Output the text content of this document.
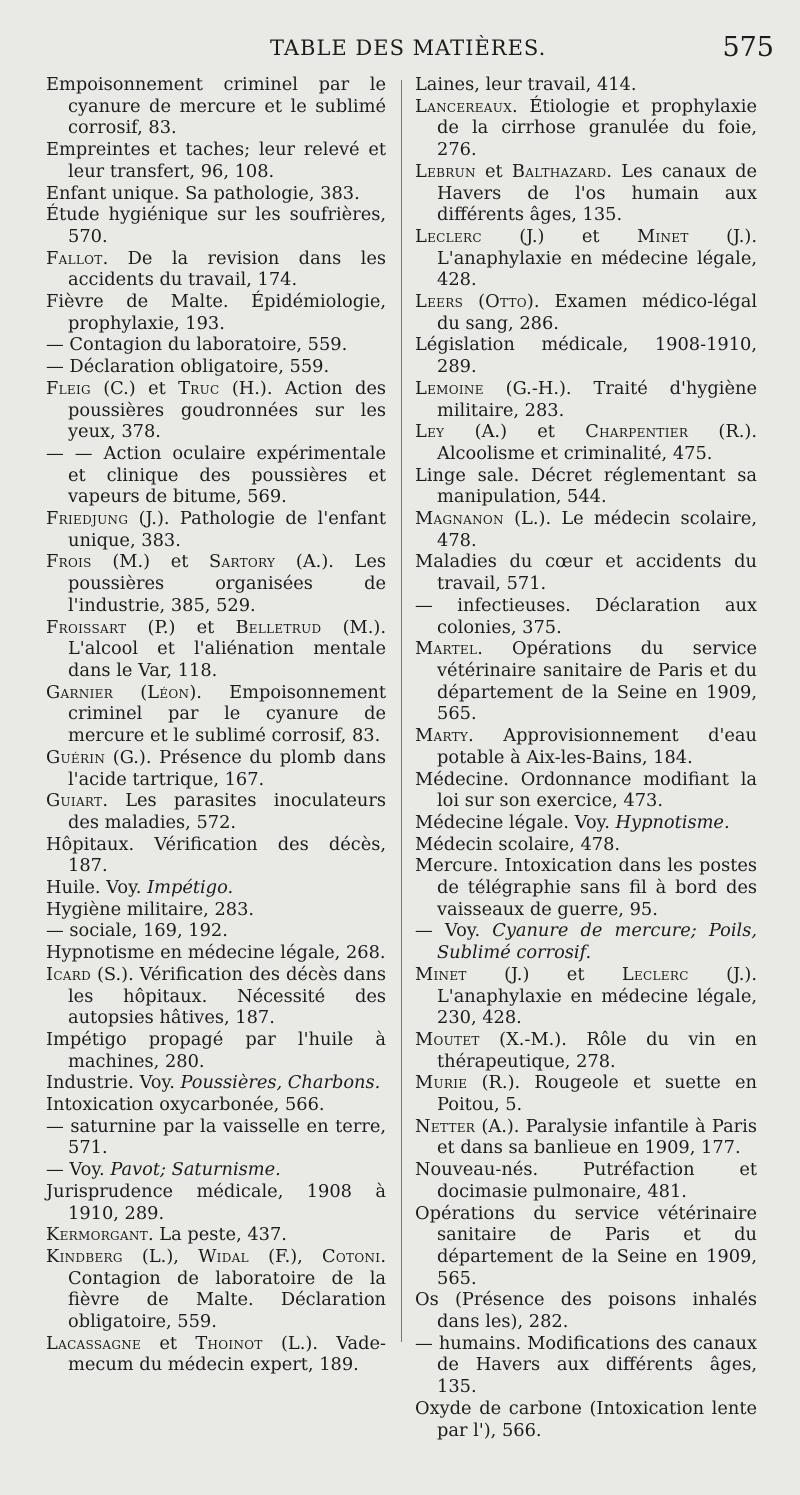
TABLE DES MATIÈRES.	575
Empoisonnement criminel par le cyanure de mercure et le sublimé corrosif, 83.
Empreintes et taches; leur relevé et leur transfert, 96, 108.
Enfant unique. Sa pathologie, 383.
Étude hygiénique sur les soufrières, 570.
Fallot. De la revision dans les accidents du travail, 174.
Fièvre de Malte. Épidémiologie, prophylaxie, 193.
— Contagion du laboratoire, 559.
— Déclaration obligatoire, 559.
Fleig (C.) et Truc (H.). Action des poussières goudronnées sur les yeux, 378.
— — Action oculaire expérimentale et clinique des poussières et vapeurs de bitume, 569.
Friedjung (J.). Pathologie de l'enfant unique, 383.
Frois (M.) et Sartory (A.). Les poussières organisées de l'industrie, 385, 529.
Froissart (P.) et Belletrud (M.). L'alcool et l'aliénation mentale dans le Var, 118.
Garnier (Léon). Empoisonnement criminel par le cyanure de mercure et le sublimé corrosif, 83.
Guérin (G.). Présence du plomb dans l'acide tartrique, 167.
Guiart. Les parasites inoculateurs des maladies, 572.
Hôpitaux. Vérification des décès, 187.
Huile. Voy. Impétigo.
Hygiène militaire, 283.
— sociale, 169, 192.
Hypnotisme en médecine légale, 268.
Icard (S.). Vérification des décès dans les hôpitaux. Nécessité des autopsies hâtives, 187.
Impétigo propagé par l'huile à machines, 280.
Industrie. Voy. Poussières, Charbons.
Intoxication oxycarbonée, 566.
— saturnine par la vaisselle en terre, 571.
— Voy. Pavot; Saturnisme.
Jurisprudence médicale, 1908 à 1910, 289.
Kermorgant. La peste, 437.
Kindberg (L.), Widal (F.), Cotoni. Contagion de laboratoire de la fièvre de Malte. Déclaration obligatoire, 559.
Lacassagne et Thoinot (L.). Vade-mecum du médecin expert, 189.
Laines, leur travail, 414.
Lancereaux. Étiologie et prophylaxie de la cirrhose granulée du foie, 276.
Lebrun et Balthazard. Les canaux de Havers de l'os humain aux différents âges, 135.
Leclerc (J.) et Minet (J.). L'anaphylaxie en médecine légale, 428.
Leers (Otto). Examen médico-légal du sang, 286.
Législation médicale, 1908-1910, 289.
Lemoine (G.-H.). Traité d'hygiène militaire, 283.
Ley (A.) et Charpentier (R.). Alcoolisme et criminalité, 475.
Linge sale. Décret réglementant sa manipulation, 544.
Magnanon (L.). Le médecin scolaire, 478.
Maladies du cœur et accidents du travail, 571.
— infectieuses. Déclaration aux colonies, 375.
Martel. Opérations du service vétérinaire sanitaire de Paris et du département de la Seine en 1909, 565.
Marty. Approvisionnement d'eau potable à Aix-les-Bains, 184.
Médecine. Ordonnance modifiant la loi sur son exercice, 473.
Médecine légale. Voy. Hypnotisme.
Médecin scolaire, 478.
Mercure. Intoxication dans les postes de télégraphie sans fil à bord des vaisseaux de guerre, 95.
— Voy. Cyanure de mercure; Poils, Sublimé corrosif.
Minet (J.) et Leclerc (J.). L'anaphylaxie en médecine légale, 230, 428.
Moutet (X.-M.). Rôle du vin en thérapeutique, 278.
Murie (R.). Rougeole et suette en Poitou, 5.
Netter (A.). Paralysie infantile à Paris et dans sa banlieue en 1909, 177.
Nouveau-nés. Putréfaction et docimasie pulmonaire, 481.
Opérations du service vétérinaire sanitaire de Paris et du département de la Seine en 1909, 565.
Os (Présence des poisons inhalés dans les), 282.
— humains. Modifications des canaux de Havers aux différents âges, 135.
Oxyde de carbone (Intoxication lente par l'), 566.
